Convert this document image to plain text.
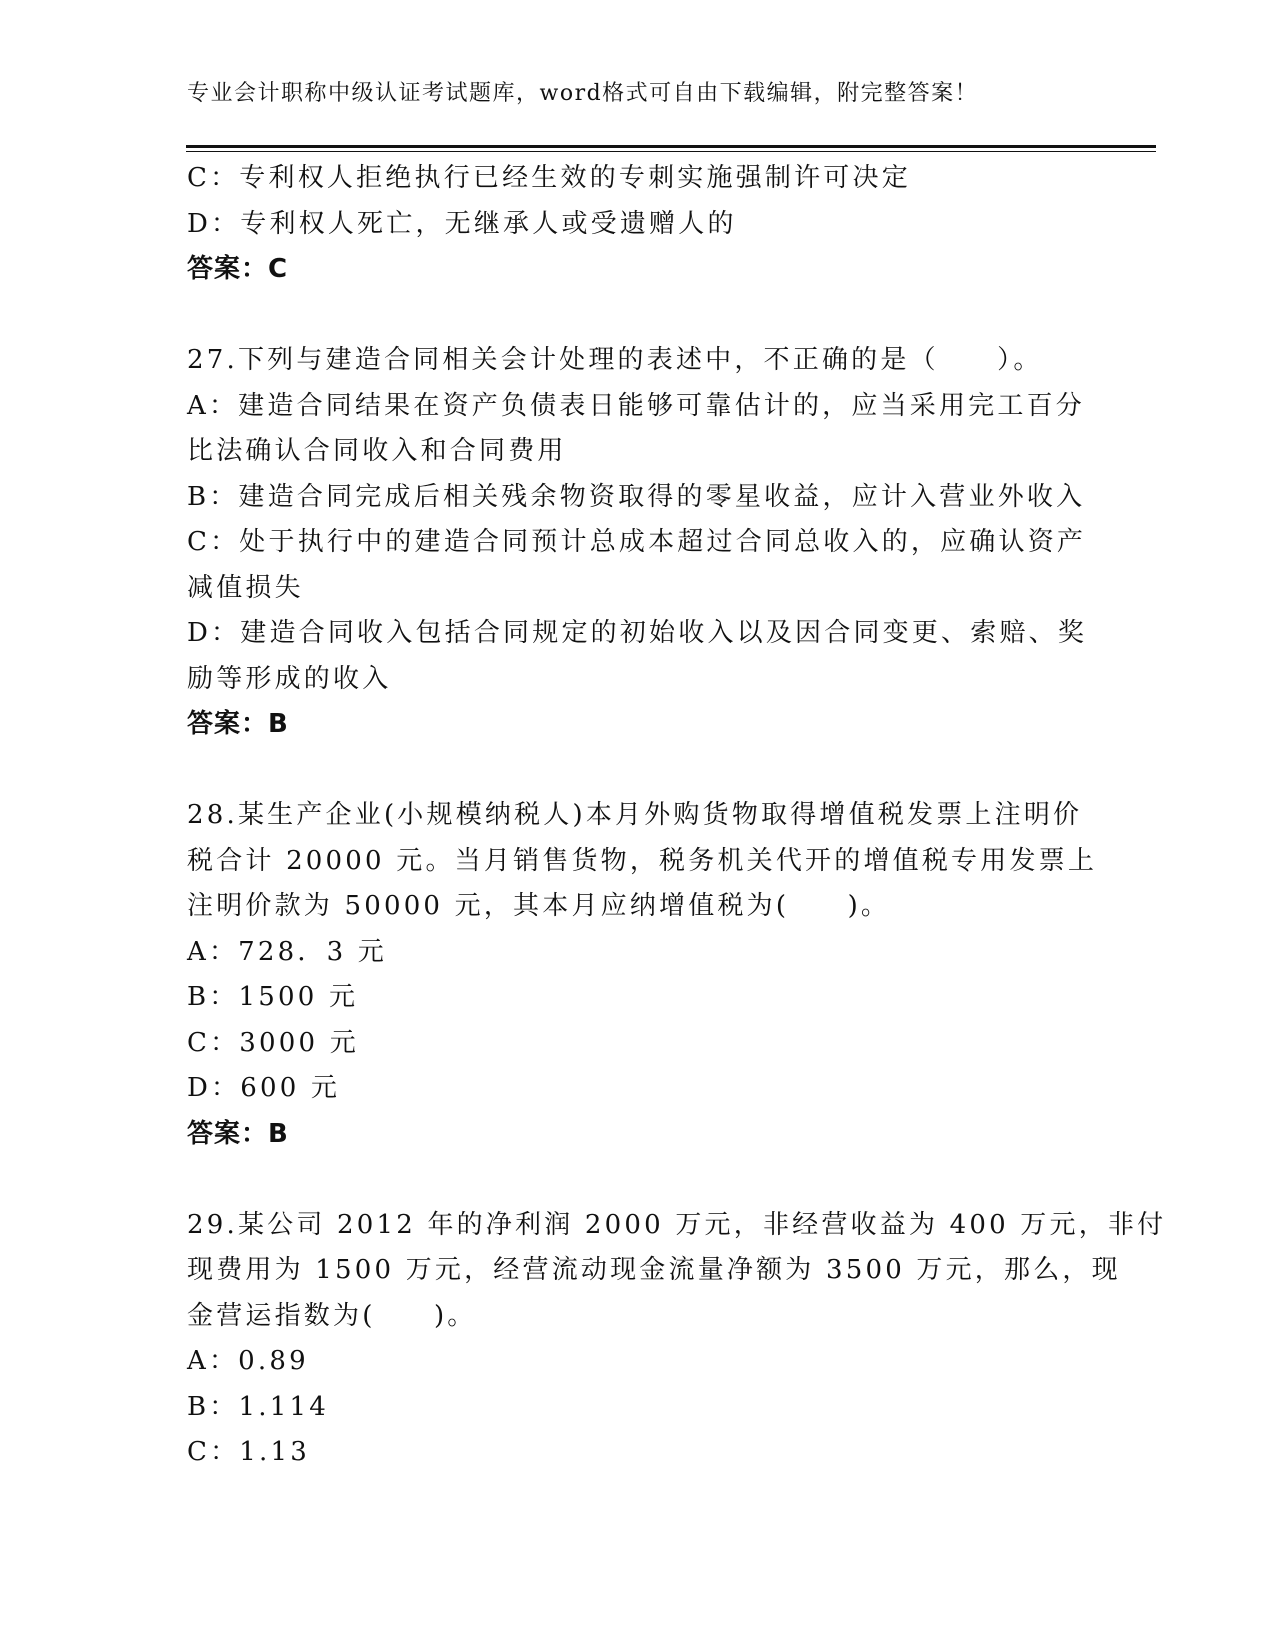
专业会计职称中级认证考试题库，word格式可自由下载编辑，附完整答案！
C：专利权人拒绝执行已经生效的专刺实施强制许可决定
D：专利权人死亡，无继承人或受遗赠人的
答案：C
27.下列与建造合同相关会计处理的表述中，不正确的是（　　）。
A：建造合同结果在资产负债表日能够可靠估计的，应当采用完工百分
比法确认合同收入和合同费用
B：建造合同完成后相关残余物资取得的零星收益，应计入营业外收入
C：处于执行中的建造合同预计总成本超过合同总收入的，应确认资产
减值损失
D：建造合同收入包括合同规定的初始收入以及因合同变更、索赔、奖
励等形成的收入
答案：B
28.某生产企业(小规模纳税人)本月外购货物取得增值税发票上注明价
税合计 20000 元。当月销售货物，税务机关代开的增值税专用发票上
注明价款为 50000 元，其本月应纳增值税为(　　)。
A：728．3 元
B：1500 元
C：3000 元
D：600 元
答案：B
29.某公司 2012 年的净利润 2000 万元，非经营收益为 400 万元，非付
现费用为 1500 万元，经营流动现金流量净额为 3500 万元，那么，现
金营运指数为(　　)。
A：0.89
B：1.114
C：1.13
